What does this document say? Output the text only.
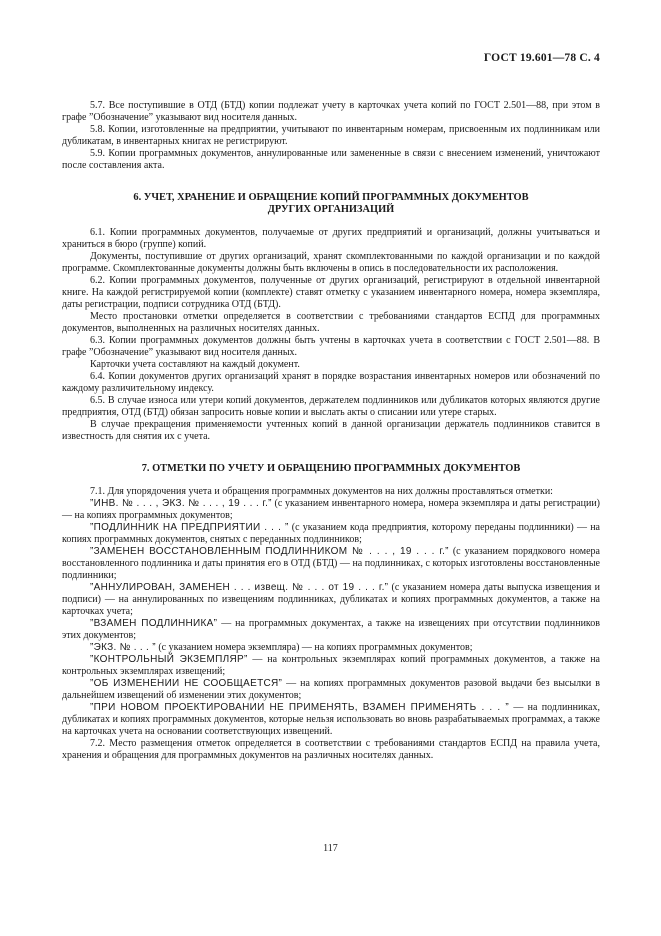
ГОСТ 19.601—78 С. 4

5.7. Все поступившие в ОТД (БТД) копии подлежат учету в карточках учета копий по ГОСТ 2.501—88, при этом в графе ”Обозначение” указывают вид носителя данных.

5.8. Копии, изготовленные на предприятии, учитывают по инвентарным номерам, присвоенным их подлинникам или дубликатам, в инвентарных книгах не регистрируют.

5.9. Копии программных документов, аннулированные или замененные в связи с внесением изменений, уничтожают после составления акта.

6. УЧЕТ, ХРАНЕНИЕ И ОБРАЩЕНИЕ КОПИЙ ПРОГРАММНЫХ ДОКУМЕНТОВ
ДРУГИХ ОРГАНИЗАЦИЙ

6.1. Копии программных документов, получаемые от других предприятий и организаций, должны учитываться и храниться в бюро (группе) копий.

Документы, поступившие от других организаций, хранят скомплектованными по каждой организации и по каждой программе. Скомплектованные документы должны быть включены в опись в последовательности их расположения.

6.2. Копии программных документов, полученные от других организаций, регистрируют в отдельной инвентарной книге. На каждой регистрируемой копии (комплекте) ставят отметку с указанием инвентарного номера, номера экземпляра, даты регистрации, подписи сотрудника ОТД (БТД).

Место простановки отметки определяется в соответствии с требованиями стандартов ЕСПД для программных документов, выполненных на различных носителях данных.

6.3. Копии программных документов должны быть учтены в карточках учета в соответствии с ГОСТ 2.501—88. В графе ”Обозначение” указывают вид носителя данных.

Карточки учета составляют на каждый документ.

6.4. Копии документов других организаций хранят в порядке возрастания инвентарных номеров или обозначений по каждому различительному индексу.

6.5. В случае износа или утери копий документов, держателем подлинников или дубликатов которых являются другие предприятия, ОТД (БТД) обязан запросить новые копии и выслать акты о списании или утере старых.

В случае прекращения применяемости учтенных копий в данной организации держатель подлинников ставится в известность для снятия их с учета.

7. ОТМЕТКИ ПО УЧЕТУ И ОБРАЩЕНИЮ ПРОГРАММНЫХ ДОКУМЕНТОВ

7.1. Для упорядочения учета и обращения программных документов на них должны проставляться отметки:

”ИНВ. № . . . , ЭКЗ. № . . . , 19 . . . г.” (с указанием инвентарного номера, номера экземпляра и даты регистрации) — на копиях программных документов;

”ПОДЛИННИК НА ПРЕДПРИЯТИИ . . . ” (с указанием кода предприятия, которому переданы подлинники) — на копиях программных документов, снятых с переданных подлинников;

”ЗАМЕНЕН ВОССТАНОВЛЕННЫМ ПОДЛИННИКОМ № . . . , 19 . . . г.” (с указанием порядкового номера восстановленного подлинника и даты принятия его в ОТД (БТД) — на подлинниках, с которых изготовлены восстановленные подлинники;

”АННУЛИРОВАН, ЗАМЕНЕН . . . извещ. № . . . от 19 . . . г.” (с указанием номера даты выпуска извещения и подписи) — на аннулированных по извещениям подлинниках, дубликатах и копиях программных документов, а также на карточках учета;

”ВЗАМЕН ПОДЛИННИКА” — на программных документах, а также на извещениях при отсутствии подлинников этих документов;

”ЭКЗ. № . . . ” (с указанием номера экземпляра) — на копиях программных документов;

”КОНТРОЛЬНЫЙ ЭКЗЕМПЛЯР” — на контрольных экземплярах копий программных документов, а также на контрольных экземплярах извещений;

”ОБ ИЗМЕНЕНИИ НЕ СООБЩАЕТСЯ” — на копиях программных документов разовой выдачи без высылки в дальнейшем извещений об изменении этих документов;

”ПРИ НОВОМ ПРОЕКТИРОВАНИИ НЕ ПРИМЕНЯТЬ, ВЗАМЕН ПРИМЕНЯТЬ . . . ” — на подлинниках, дубликатах и копиях программных документов, которые нельзя использовать во вновь разрабатываемых программах, а также на карточках учета на основании соответствующих извещений.

7.2. Место размещения отметок определяется в соответствии с требованиями стандартов ЕСПД на правила учета, хранения и обращения для программных документов на различных носителях данных.

117
